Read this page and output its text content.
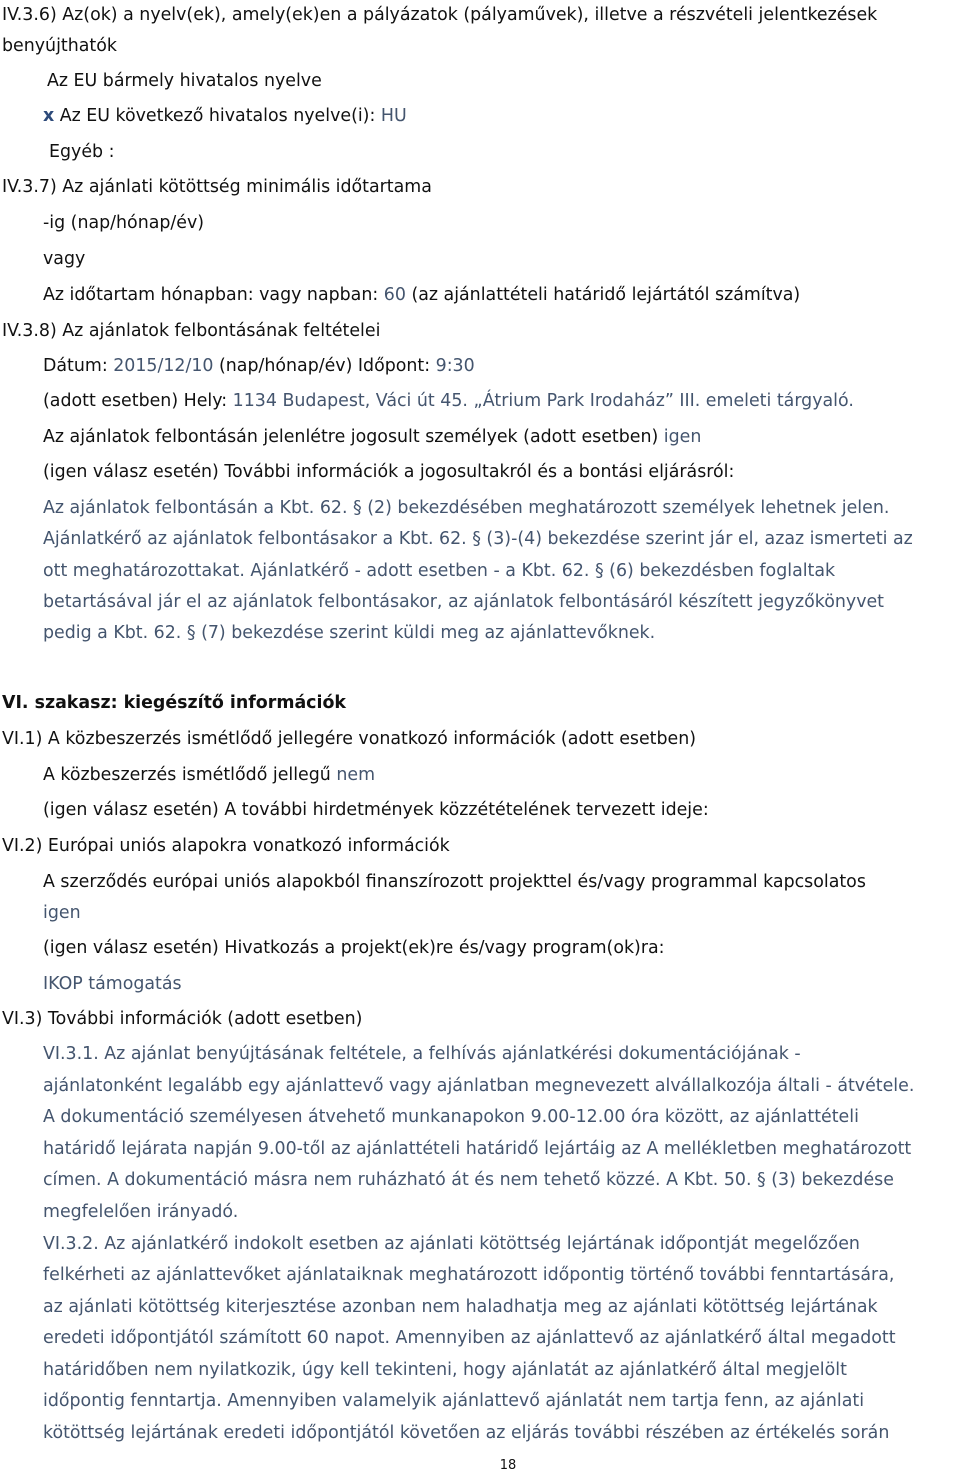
IV.3.6) Az(ok) a nyelv(ek), amely(ek)en a pályázatok (pályaművek), illetve a részvételi jelentkezések
benyújthatók
Az EU bármely hivatalos nyelve
x Az EU következő hivatalos nyelve(i): HU
Egyéb :
IV.3.7) Az ajánlati kötöttség minimális időtartama
-ig (nap/hónap/év)
vagy
Az időtartam hónapban: vagy napban: 60 (az ajánlattételi határidő lejártától számítva)
IV.3.8) Az ajánlatok felbontásának feltételei
Dátum: 2015/12/10 (nap/hónap/év) Időpont: 9:30
(adott esetben) Hely: 1134 Budapest, Váci út 45. „Átrium Park Irodaház” III. emeleti tárgyaló.
Az ajánlatok felbontásán jelenlétre jogosult személyek (adott esetben) igen
(igen válasz esetén) További információk a jogosultakról és a bontási eljárásról:
Az ajánlatok felbontásán a Kbt. 62. § (2) bekezdésében meghatározott személyek lehetnek jelen.
Ajánlatkérő az ajánlatok felbontásakor a Kbt. 62. § (3)-(4) bekezdése szerint jár el, azaz ismerteti az
ott meghatározottakat. Ajánlatkérő - adott esetben - a Kbt. 62. § (6) bekezdésben foglaltak
betartásával jár el az ajánlatok felbontásakor, az ajánlatok felbontásáról készített jegyzőkönyvet
pedig a Kbt. 62. § (7) bekezdése szerint küldi meg az ajánlattevőknek.
VI. szakasz: kiegészítő információk
VI.1) A közbeszerzés ismétlődő jellegére vonatkozó információk (adott esetben)
A közbeszerzés ismétlődő jellegű nem
(igen válasz esetén) A további hirdetmények közzétételének tervezett ideje:
VI.2) Európai uniós alapokra vonatkozó információk
A szerződés európai uniós alapokból finanszírozott projekttel és/vagy programmal kapcsolatos
igen
(igen válasz esetén) Hivatkozás a projekt(ek)re és/vagy program(ok)ra:
IKOP támogatás
VI.3) További információk (adott esetben)
VI.3.1. Az ajánlat benyújtásának feltétele, a felhívás ajánlatkérési dokumentációjának -
ajánlatonként legalább egy ajánlattevő vagy ajánlatban megnevezett alvállalkozója általi - átvétele.
A dokumentáció személyesen átvehető munkanapokon 9.00-12.00 óra között, az ajánlattételi
határidő lejárata napján 9.00-től az ajánlattételi határidő lejártáig az A mellékletben meghatározott
címen. A dokumentáció másra nem ruházható át és nem tehető közzé. A Kbt. 50. § (3) bekezdése
megfelelően irányadó.
VI.3.2. Az ajánlatkérő indokolt esetben az ajánlati kötöttség lejártának időpontját megelőzően
felkérheti az ajánlattevőket ajánlataiknak meghatározott időpontig történő további fenntartására,
az ajánlati kötöttség kiterjesztése azonban nem haladhatja meg az ajánlati kötöttség lejártának
eredeti időpontjától számított 60 napot. Amennyiben az ajánlattevő az ajánlatkérő által megadott
határidőben nem nyilatkozik, úgy kell tekinteni, hogy ajánlatát az ajánlatkérő által megjelölt
időpontig fenntartja. Amennyiben valamelyik ajánlattevő ajánlatát nem tartja fenn, az ajánlati
kötöttség lejártának eredeti időpontjától követően az eljárás további részében az értékelés során
18
